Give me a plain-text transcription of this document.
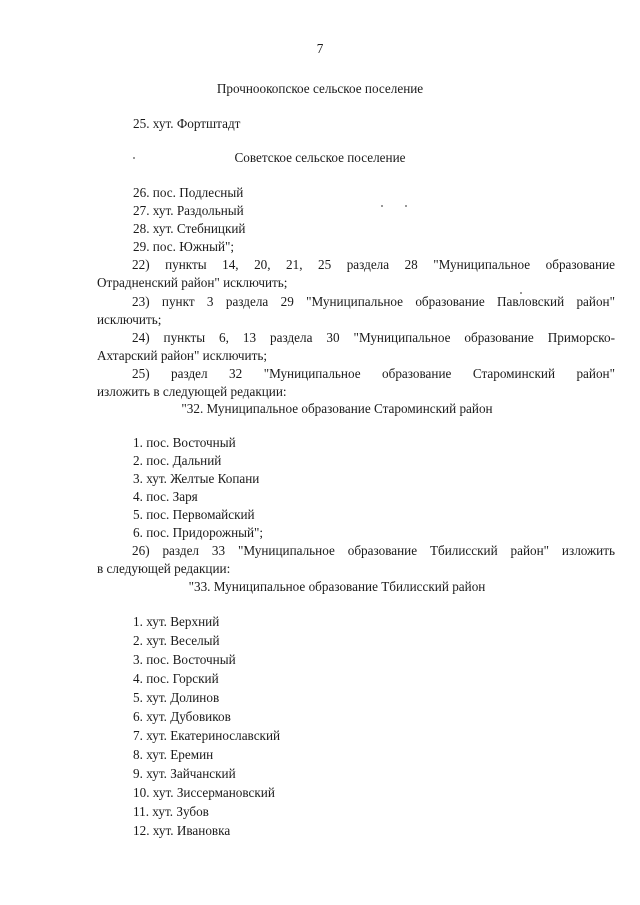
7
Прочноокопское сельское поселение
25. хут. Фортштадт
Советское сельское поселение
26. пос. Подлесный
27. хут. Раздольный
28. хут. Стебницкий
29. пос. Южный";
22) пункты 14, 20, 21, 25 раздела 28 "Муниципальное образование
Отрадненский район" исключить;
23) пункт 3 раздела 29 "Муниципальное образование Павловский район"
исключить;
24) пункты 6, 13 раздела 30 "Муниципальное образование Приморско-
Ахтарский район" исключить;
25) раздел 32 "Муниципальное образование Староминский район"
изложить в следующей редакции:
"32. Муниципальное образование Староминский район
1. пос. Восточный
2. пос. Дальний
3. хут. Желтые Копани
4. пос. Заря
5. пос. Первомайский
6. пос. Придорожный";
26) раздел 33 "Муниципальное образование Тбилисский район" изложить
в следующей редакции:
"33. Муниципальное образование Тбилисский район
1. хут. Верхний
2. хут. Веселый
3. пос. Восточный
4. пос. Горский
5. хут. Долинов
6. хут. Дубовиков
7. хут. Екатеринославский
8. хут. Еремин
9. хут. Зайчанский
10. хут. Зиссермановский
11. хут. Зубов
12. хут. Ивановка
